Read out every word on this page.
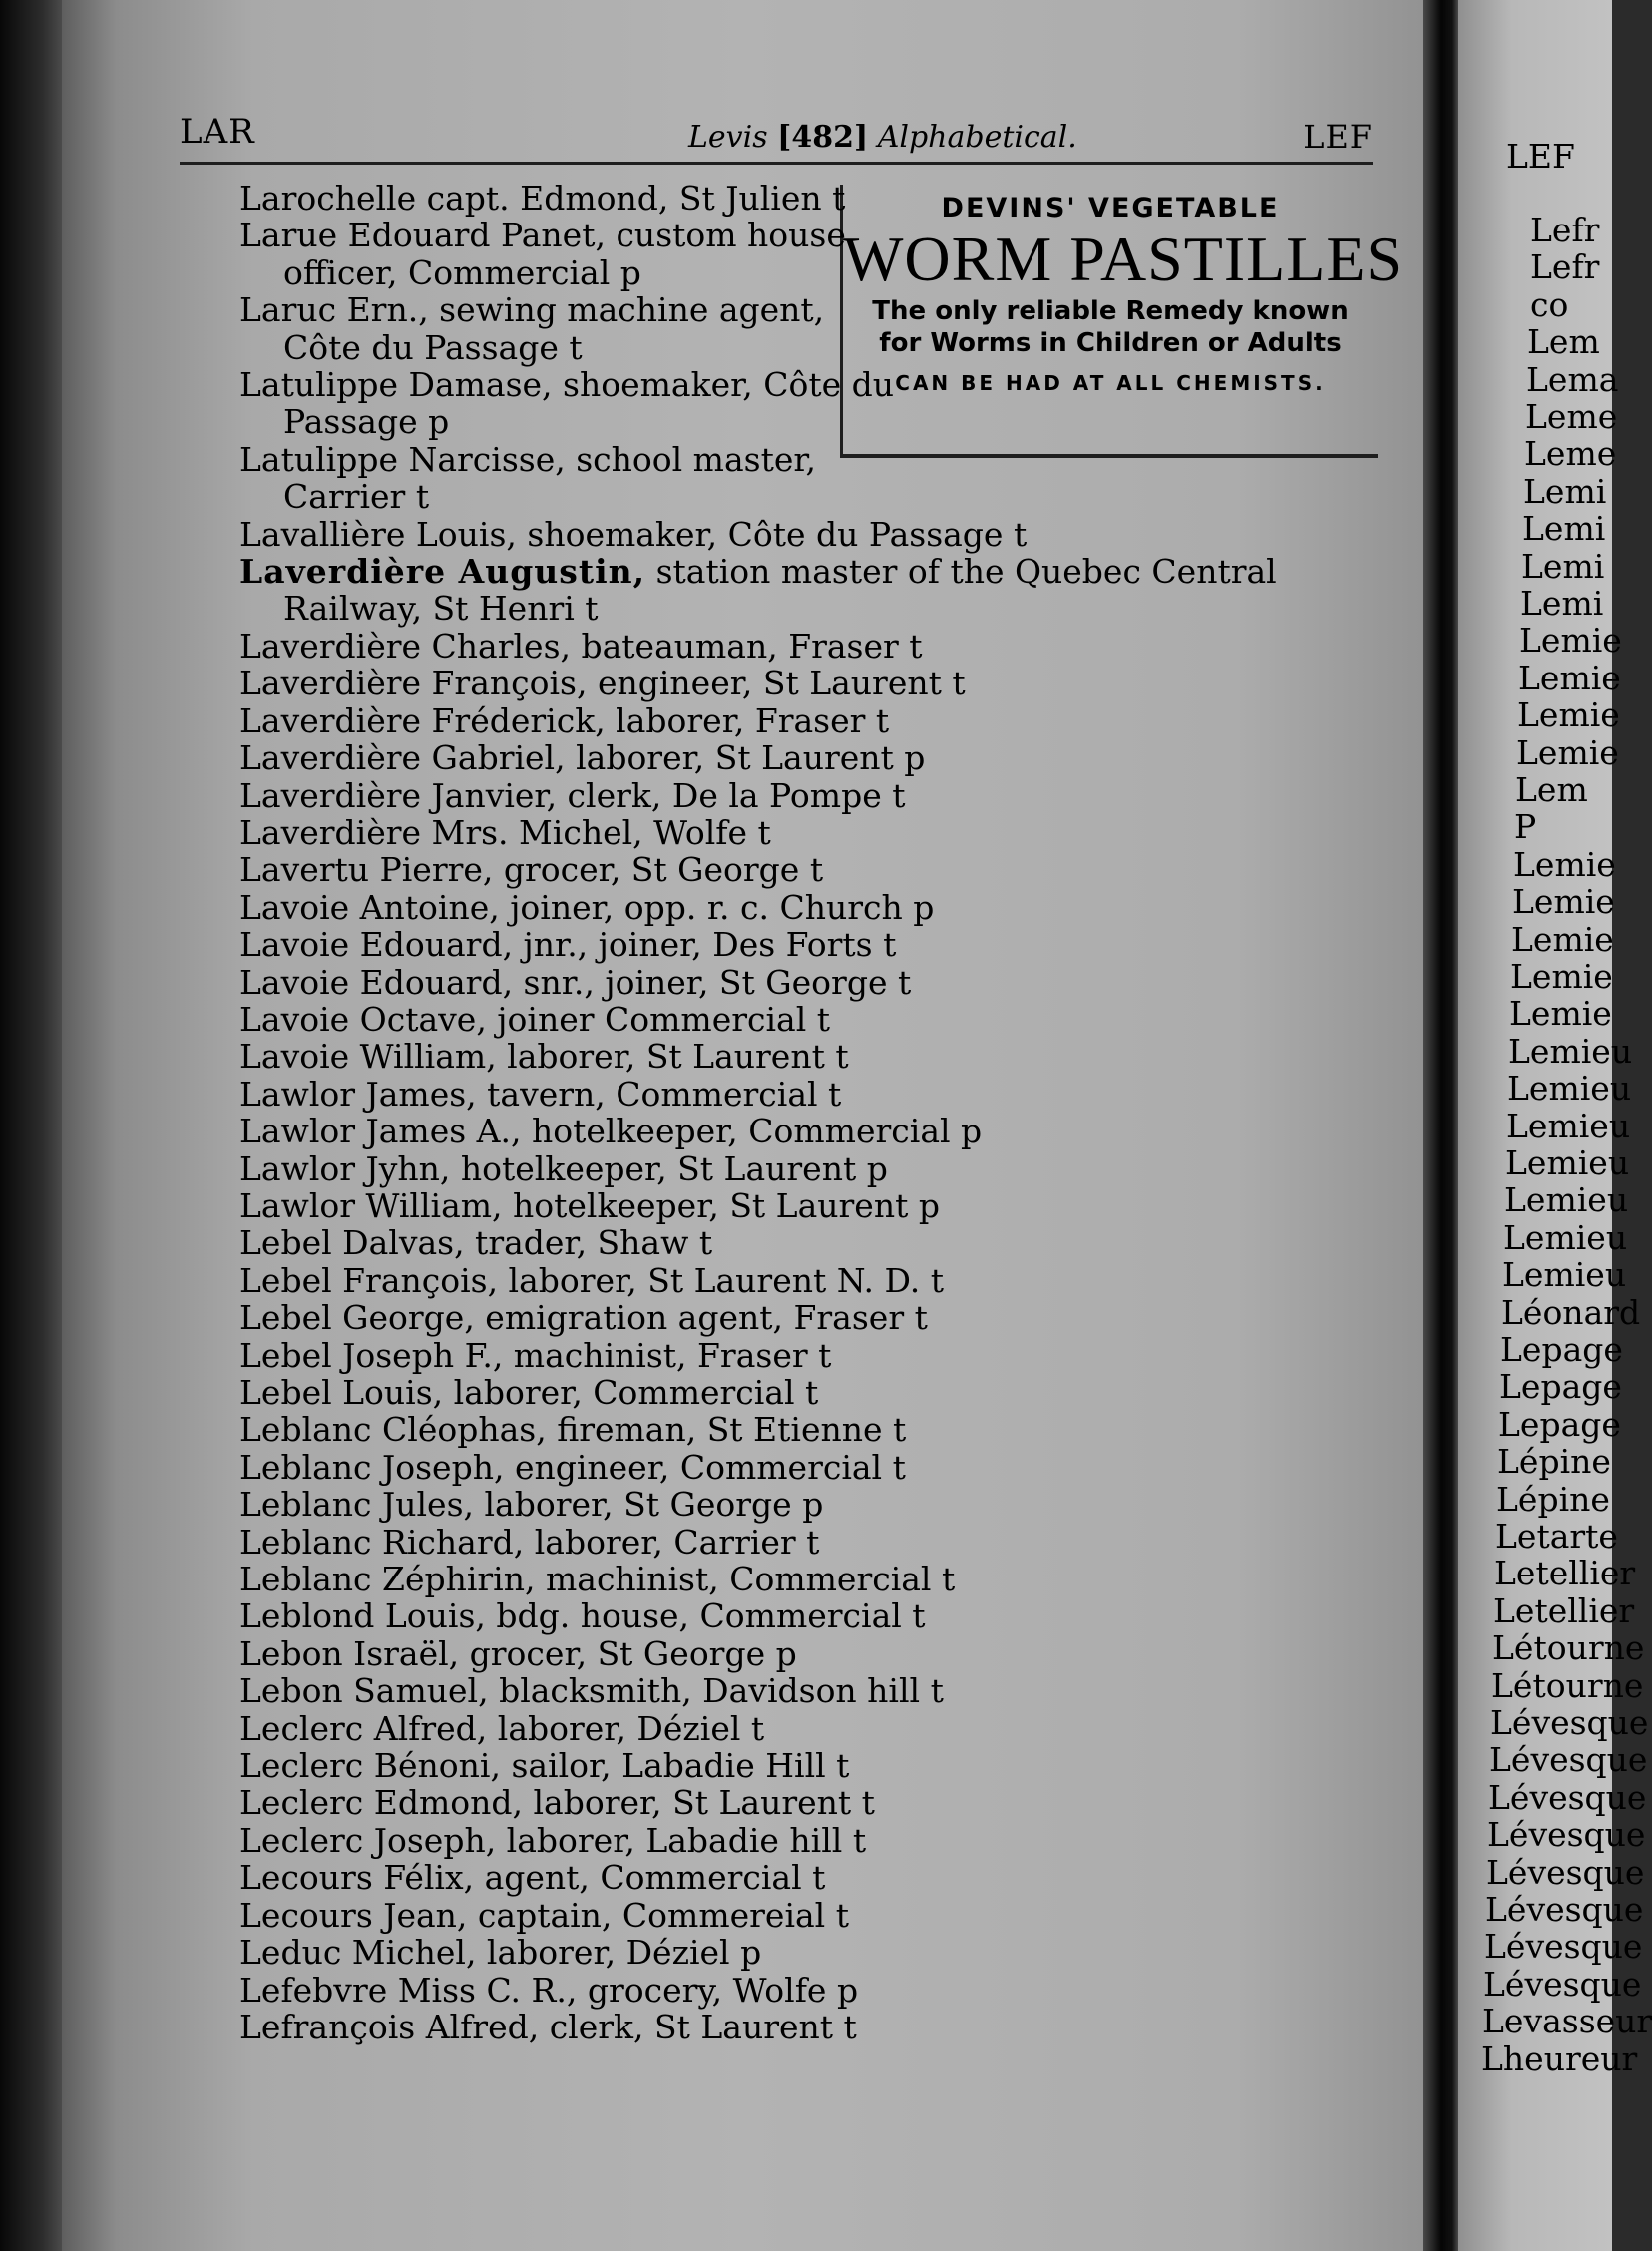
LAR	Levis [482] Alphabetical.	LEF
DEVINS' VEGETABLE
WORM PASTILLES
The only reliable Remedy known for Worms in Children or Adults
CAN BE HAD AT ALL CHEMISTS.
Larochelle capt. Edmond, St Julien t
Larue Edouard Panet, custom house officer, Commercial p
Laruc Ern., sewing machine agent, Côte du Passage t
Latulippe Damase, shoemaker, Côte du Passage p
Latulippe Narcisse, school master, Carrier t
Lavallière Louis, shoemaker, Côte du Passage t
Laverdière Augustin, station master of the Quebec Central Railway, St Henri t
Laverdière Charles, bateauman, Fraser t
Laverdière François, engineer, St Laurent t
Laverdière Fréderick, laborer, Fraser t
Laverdière Gabriel, laborer, St Laurent p
Laverdière Janvier, clerk, De la Pompe t
Laverdière Mrs. Michel, Wolfe t
Lavertu Pierre, grocer, St George t
Lavoie Antoine, joiner, opp. r. c. Church p
Lavoie Edouard, jnr., joiner, Des Forts t
Lavoie Edouard, snr., joiner, St George t
Lavoie Octave, joiner Commercial t
Lavoie William, laborer, St Laurent t
Lawlor James, tavern, Commercial t
Lawlor James A., hotelkeeper, Commercial p
Lawlor Jyhn, hotelkeeper, St Laurent p
Lawlor William, hotelkeeper, St Laurent p
Lebel Dalvas, trader, Shaw t
Lebel François, laborer, St Laurent N. D. t
Lebel George, emigration agent, Fraser t
Lebel Joseph F., machinist, Fraser t
Lebel Louis, laborer, Commercial t
Leblanc Cléophas, fireman, St Etienne t
Leblanc Joseph, engineer, Commercial t
Leblanc Jules, laborer, St George p
Leblanc Richard, laborer, Carrier t
Leblanc Zéphirin, machinist, Commercial t
Leblond Louis, bdg. house, Commercial t
Lebon Israël, grocer, St George p
Lebon Samuel, blacksmith, Davidson hill t
Leclerc Alfred, laborer, Déziel t
Leclerc Bénoni, sailor, Labadie Hill t
Leclerc Edmond, laborer, St Laurent t
Leclerc Joseph, laborer, Labadie hill t
Lecours Félix, agent, Commercial t
Lecours Jean, captain, Commereial t
Leduc Michel, laborer, Déziel p
Lefebvre Miss C. R., grocery, Wolfe p
Lefrançois Alfred, clerk, St Laurent t
LEF
Lefr
Lefr
co
Lem
Lema
Leme
Leme
Lemi
Lemi
Lemi
Lemi
Lemie
Lemie
Lemie
Lemie
Lem
P
Lemie
Lemie
Lemie
Lemie
Lemie
Lemieu
Lemieu
Lemieu
Lemieu
Lemieu
Lemieu
Lemieu
Léonard
Lepage
Lepage
Lepage
Lépine
Lépine
Letarte
Letellier
Letellier
Létourne
Létourne
Lévesque
Lévesque
Lévesque
Lévesque
Lévesque
Lévesque
Lévesque
Lévesque
Levasseur
Lheureur
